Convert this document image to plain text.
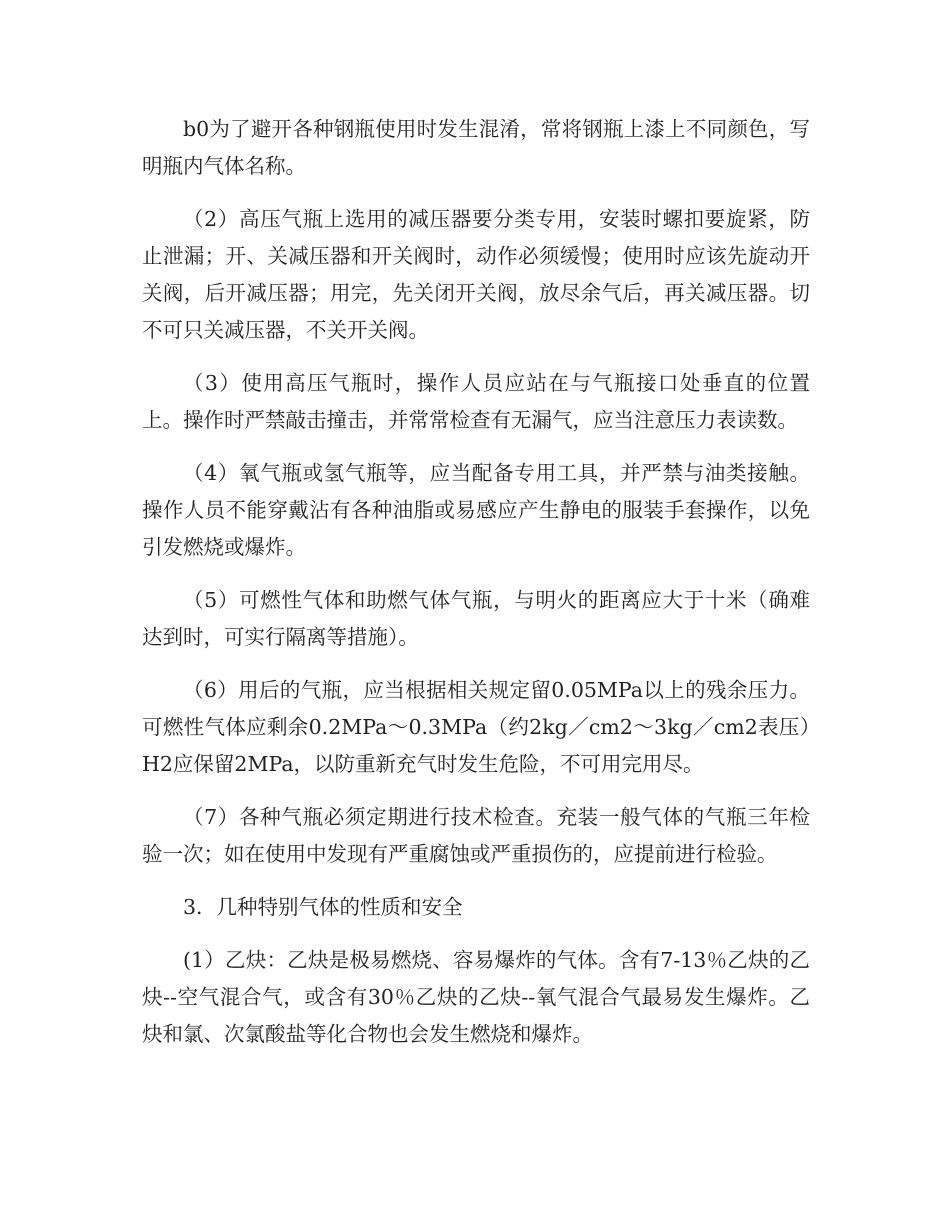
b0为了避开各种钢瓶使用时发生混淆，常将钢瓶上漆上不同颜色，写明瓶内气体名称。

（2）高压气瓶上选用的减压器要分类专用，安装时螺扣要旋紧，防止泄漏；开、关减压器和开关阀时，动作必须缓慢；使用时应该先旋动开关阀，后开减压器；用完，先关闭开关阀，放尽余气后，再关减压器。切不可只关减压器，不关开关阀。

（3）使用高压气瓶时，操作人员应站在与气瓶接口处垂直的位置上。操作时严禁敲击撞击，并常常检查有无漏气，应当注意压力表读数。

（4）氧气瓶或氢气瓶等，应当配备专用工具，并严禁与油类接触。操作人员不能穿戴沾有各种油脂或易感应产生静电的服装手套操作，以免引发燃烧或爆炸。

（5）可燃性气体和助燃气体气瓶，与明火的距离应大于十米（确难达到时，可实行隔离等措施）。

（6）用后的气瓶，应当根据相关规定留0.05MPa以上的残余压力。可燃性气体应剩余0.2MPa～0.3MPa（约2kg／cm2～3kg／cm2表压）H2应保留2MPa，以防重新充气时发生危险，不可用完用尽。

（7）各种气瓶必须定期进行技术检查。充装一般气体的气瓶三年检验一次；如在使用中发现有严重腐蚀或严重损伤的，应提前进行检验。

3．几种特别气体的性质和安全

(1）乙炔：乙炔是极易燃烧、容易爆炸的气体。含有7-13％乙炔的乙炔--空气混合气，或含有30％乙炔的乙炔--氧气混合气最易发生爆炸。乙炔和氯、次氯酸盐等化合物也会发生燃烧和爆炸。
